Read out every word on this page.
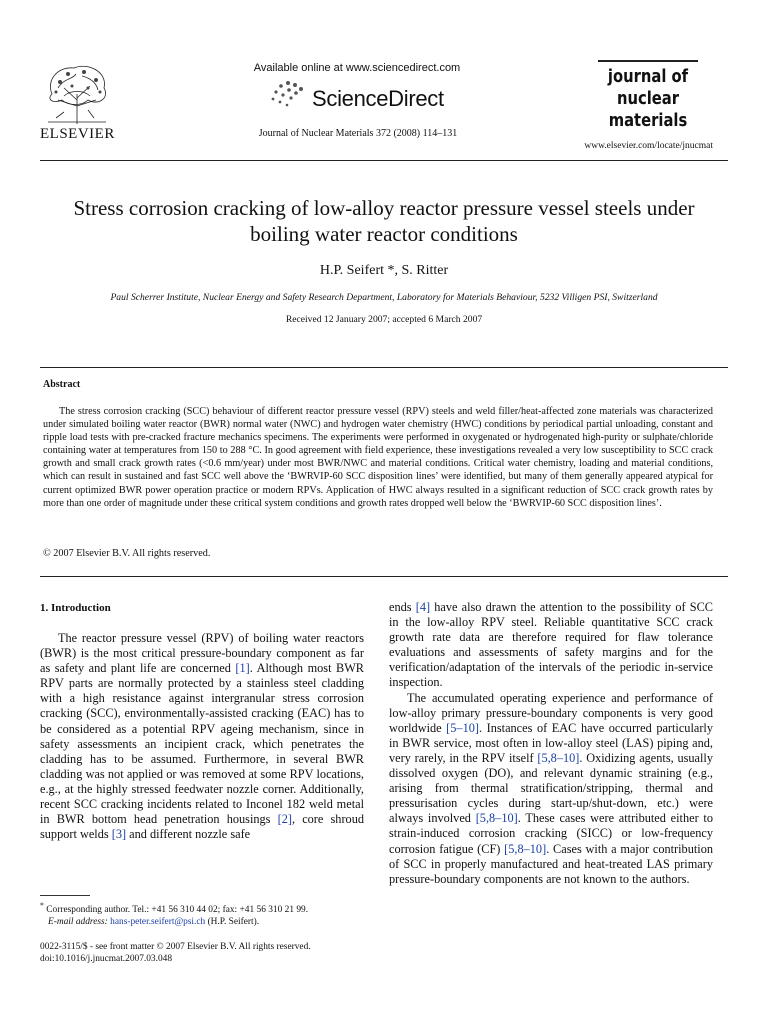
ELSEVIER
Available online at www.sciencedirect.com
ScienceDirect
Journal of Nuclear Materials 372 (2008) 114–131
journal of
nuclear
materials
www.elsevier.com/locate/jnucmat
Stress corrosion cracking of low-alloy reactor pressure vessel steels under boiling water reactor conditions
H.P. Seifert *, S. Ritter
Paul Scherrer Institute, Nuclear Energy and Safety Research Department, Laboratory for Materials Behaviour, 5232 Villigen PSI, Switzerland
Received 12 January 2007; accepted 6 March 2007
Abstract
The stress corrosion cracking (SCC) behaviour of different reactor pressure vessel (RPV) steels and weld filler/heat-affected zone materials was characterized under simulated boiling water reactor (BWR) normal water (NWC) and hydrogen water chemistry (HWC) conditions by periodical partial unloading, constant and ripple load tests with pre-cracked fracture mechanics specimens. The experiments were performed in oxygenated or hydrogenated high-purity or sulphate/chloride containing water at temperatures from 150 to 288 °C. In good agreement with field experience, these investigations revealed a very low susceptibility to SCC crack growth and small crack growth rates (<0.6 mm/year) under most BWR/NWC and material conditions. Critical water chemistry, loading and material conditions, which can result in sustained and fast SCC well above the ‘BWRVIP-60 SCC disposition lines’ were identified, but many of them generally appeared atypical for current optimized BWR power operation practice or modern RPVs. Application of HWC always resulted in a significant reduction of SCC crack growth rates by more than one order of magnitude under these critical system conditions and growth rates dropped well below the ‘BWRVIP-60 SCC disposition lines’.
© 2007 Elsevier B.V. All rights reserved.
1. Introduction

The reactor pressure vessel (RPV) of boiling water reactors (BWR) is the most critical pressure-boundary component as far as safety and plant life are concerned [1]. Although most BWR RPV parts are normally protected by a stainless steel cladding with a high resistance against intergranular stress corrosion cracking (SCC), environmentally-assisted cracking (EAC) has to be considered as a potential RPV ageing mechanism, since in safety assessments an incipient crack, which penetrates the cladding has to be assumed. Furthermore, in several BWR cladding was not applied or was removed at some RPV locations, e.g., at the highly stressed feedwater nozzle corner. Additionally, recent SCC cracking incidents related to Inconel 182 weld metal in BWR bottom head penetration housings [2], core shroud support welds [3] and different nozzle safe

ends [4] have also drawn the attention to the possibility of SCC in the low-alloy RPV steel. Reliable quantitative SCC crack growth rate data are therefore required for flaw tolerance evaluations and assessments of safety margins and for the verification/adaptation of the intervals of the periodic in-service inspection.

The accumulated operating experience and performance of low-alloy primary pressure-boundary components is very good worldwide [5–10]. Instances of EAC have occurred particularly in BWR service, most often in low-alloy steel (LAS) piping and, very rarely, in the RPV itself [5,8–10]. Oxidizing agents, usually dissolved oxygen (DO), and relevant dynamic straining (e.g., arising from thermal stratification/stripping, thermal and pressurisation cycles during start-up/shut-down, etc.) were always involved [5,8–10]. These cases were attributed either to strain-induced corrosion cracking (SICC) or low-frequency corrosion fatigue (CF) [5,8–10]. Cases with a major contribution of SCC in properly manufactured and heat-treated LAS primary pressure-boundary components are not known to the authors.

* Corresponding author. Tel.: +41 56 310 44 02; fax: +41 56 310 21 99.
E-mail address: hans-peter.seifert@psi.ch (H.P. Seifert).
0022-3115/$ - see front matter © 2007 Elsevier B.V. All rights reserved.
doi:10.1016/j.jnucmat.2007.03.048
